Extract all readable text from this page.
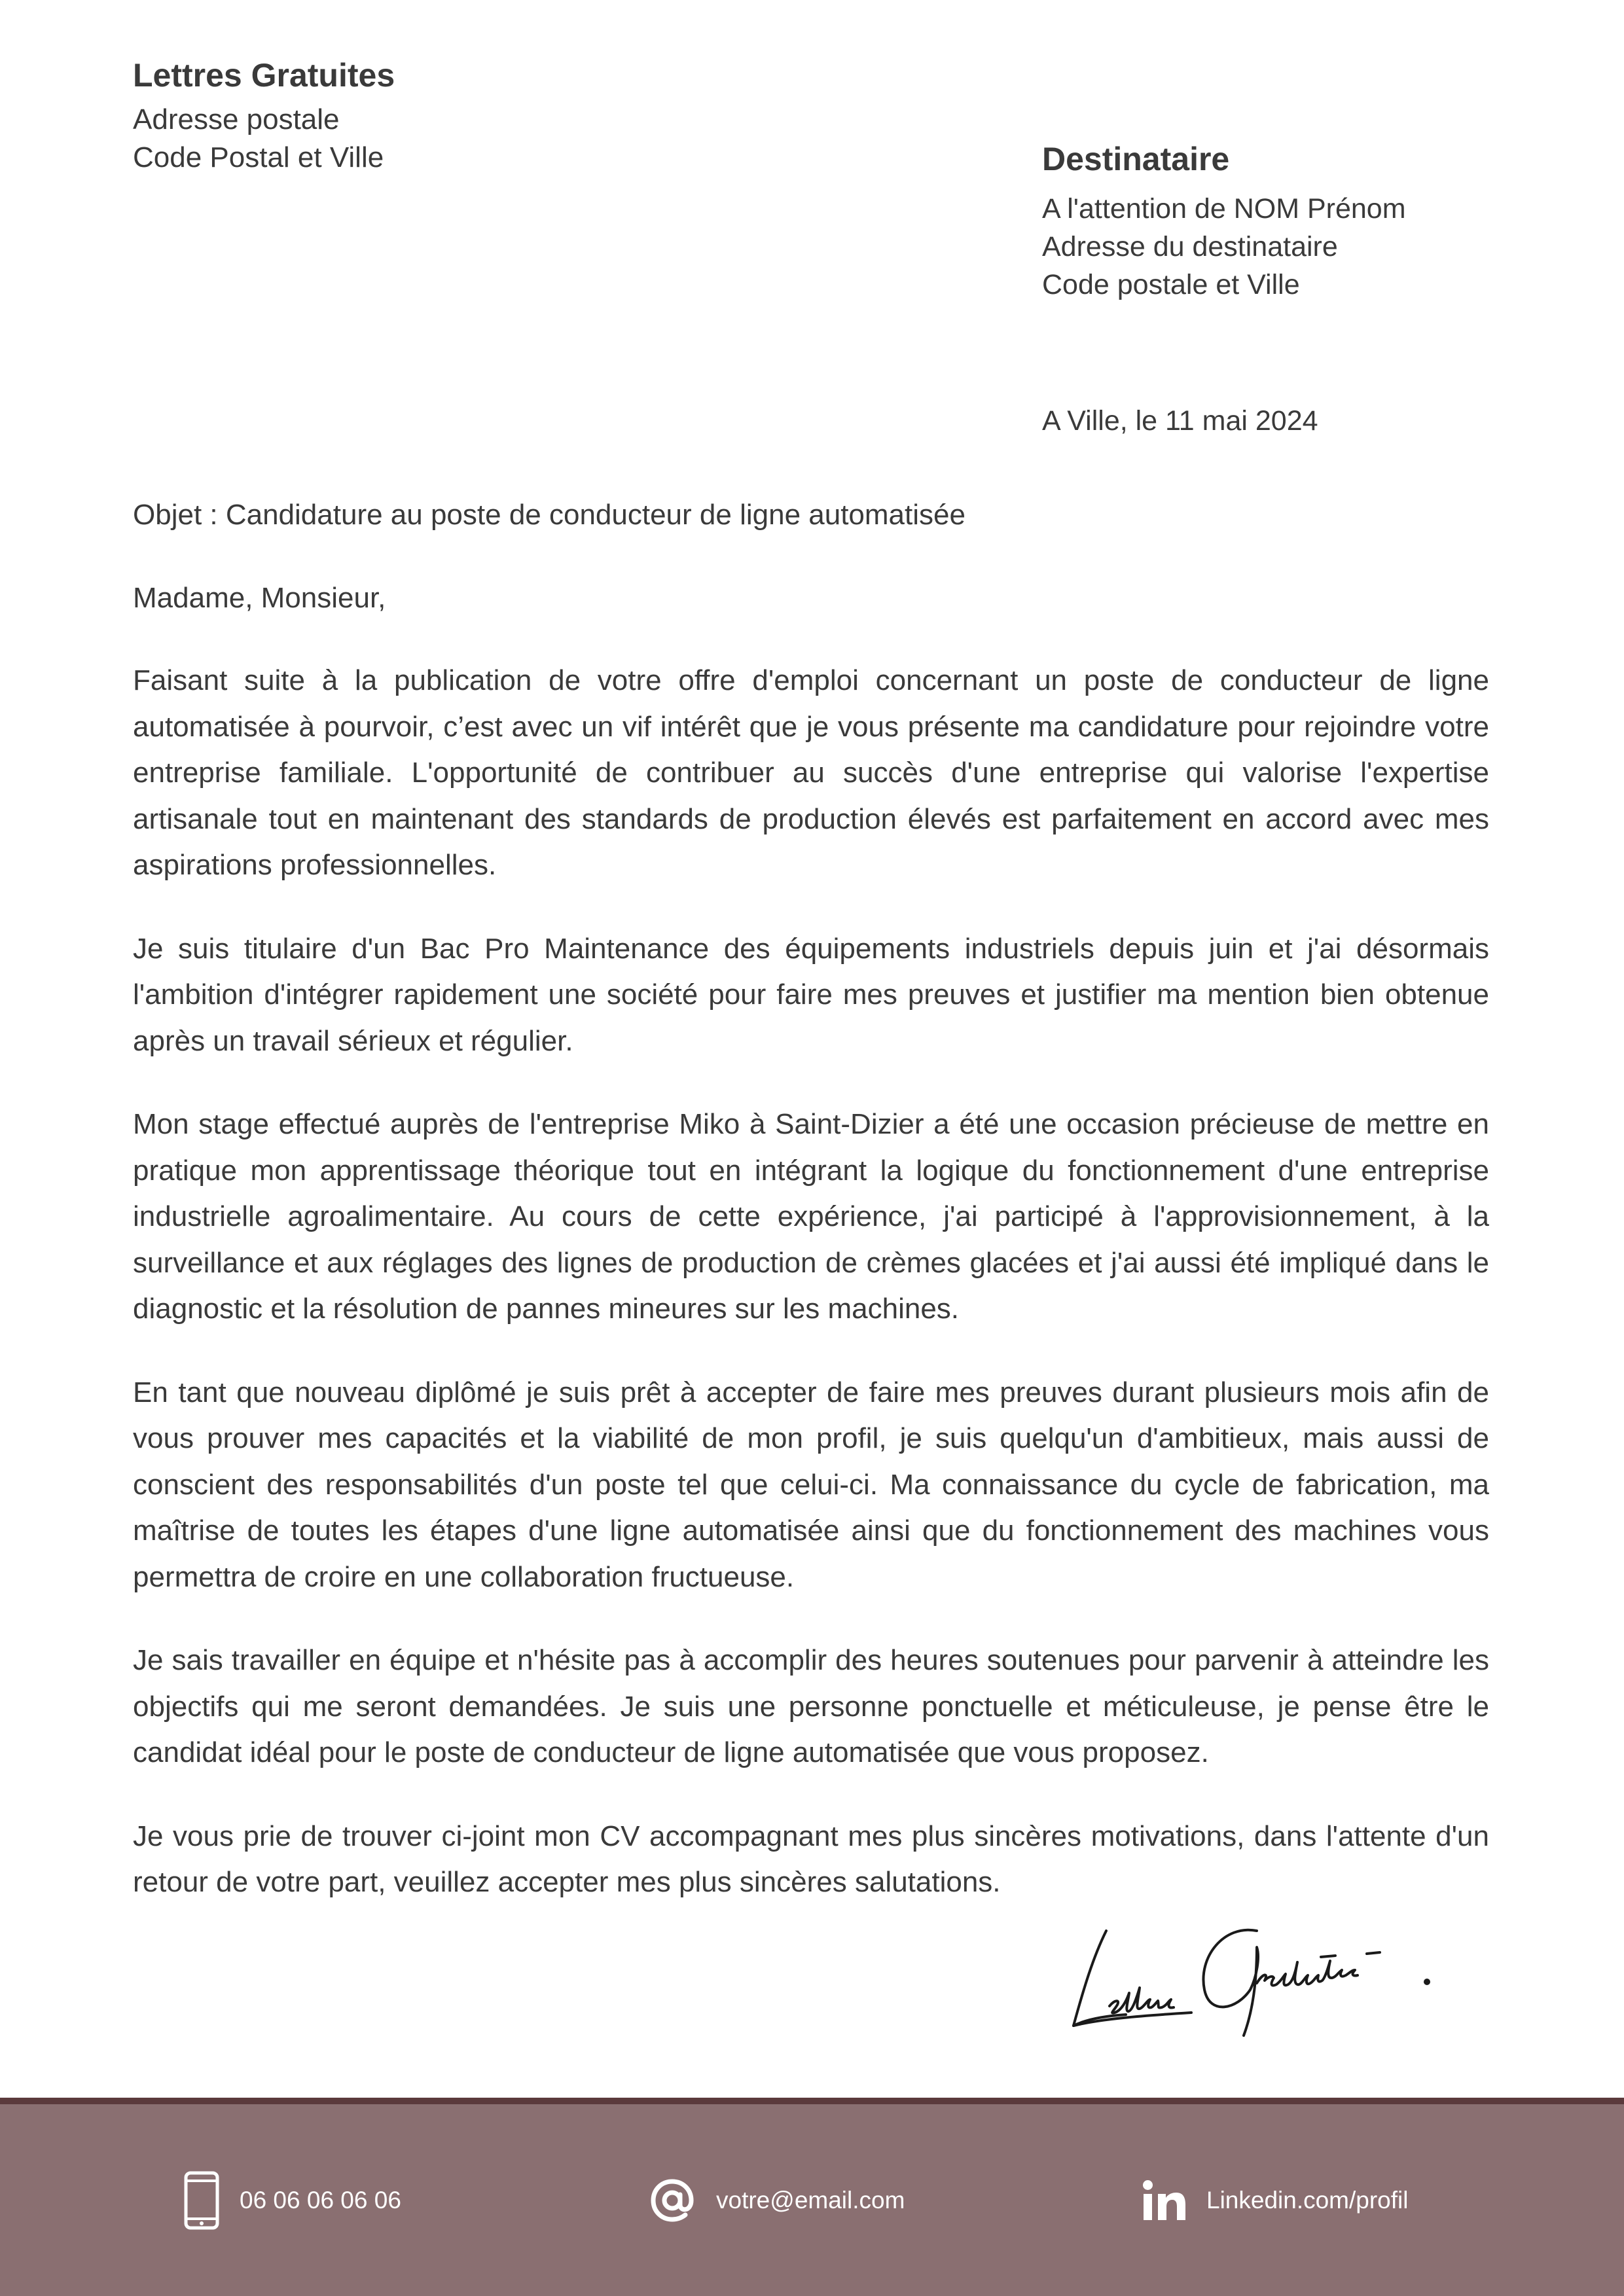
Lettres Gratuites
Adresse postale
Code Postal et Ville	Destinataire
A l'attention de NOM Prénom
Adresse du destinataire
Code postale et Ville
A Ville, le 11 mai 2024

Objet : Candidature au poste de conducteur de ligne automatisée

Madame, Monsieur,

Faisant suite à la publication de votre offre d'emploi concernant un poste de conducteur de ligne automatisée à pourvoir, c’est avec un vif intérêt que je vous présente ma candidature pour rejoindre votre entreprise familiale. L'opportunité de contribuer au succès d'une entreprise qui valorise l'expertise artisanale tout en maintenant des standards de production élevés est parfaitement en accord avec mes aspirations professionnelles.

Je suis titulaire d'un Bac Pro Maintenance des équipements industriels depuis juin et j'ai désormais l'ambition d'intégrer rapidement une société pour faire mes preuves et justifier ma mention bien obtenue après un travail sérieux et régulier.

Mon stage effectué auprès de l'entreprise Miko à Saint-Dizier a été une occasion précieuse de mettre en pratique mon apprentissage théorique tout en intégrant la logique du fonctionnement d'une entreprise industrielle agroalimentaire. Au cours de cette expérience, j'ai participé à l'approvisionnement, à la surveillance et aux réglages des lignes de production de crèmes glacées et j'ai aussi été impliqué dans le diagnostic et la résolution de pannes mineures sur les machines.

En tant que nouveau diplômé je suis prêt à accepter de faire mes preuves durant plusieurs mois afin de vous prouver mes capacités et la viabilité de mon profil, je suis quelqu'un d'ambitieux, mais aussi de conscient des responsabilités d'un poste tel que celui-ci. Ma connaissance du cycle de fabrication, ma maîtrise de toutes les étapes d'une ligne automatisée ainsi que du fonctionnement des machines vous permettra de croire en une collaboration fructueuse.

Je sais travailler en équipe et n'hésite pas à accomplir des heures soutenues pour parvenir à atteindre les objectifs qui me seront demandées. Je suis une personne ponctuelle et méticuleuse, je pense être le candidat idéal pour le poste de conducteur de ligne automatisée que vous proposez.

Je vous prie de trouver ci-joint mon CV accompagnant mes plus sincères motivations, dans l'attente d'un retour de votre part, veuillez accepter mes plus sincères salutations.

06 06 06 06 06	votre@email.com	Linkedin.com/profil
